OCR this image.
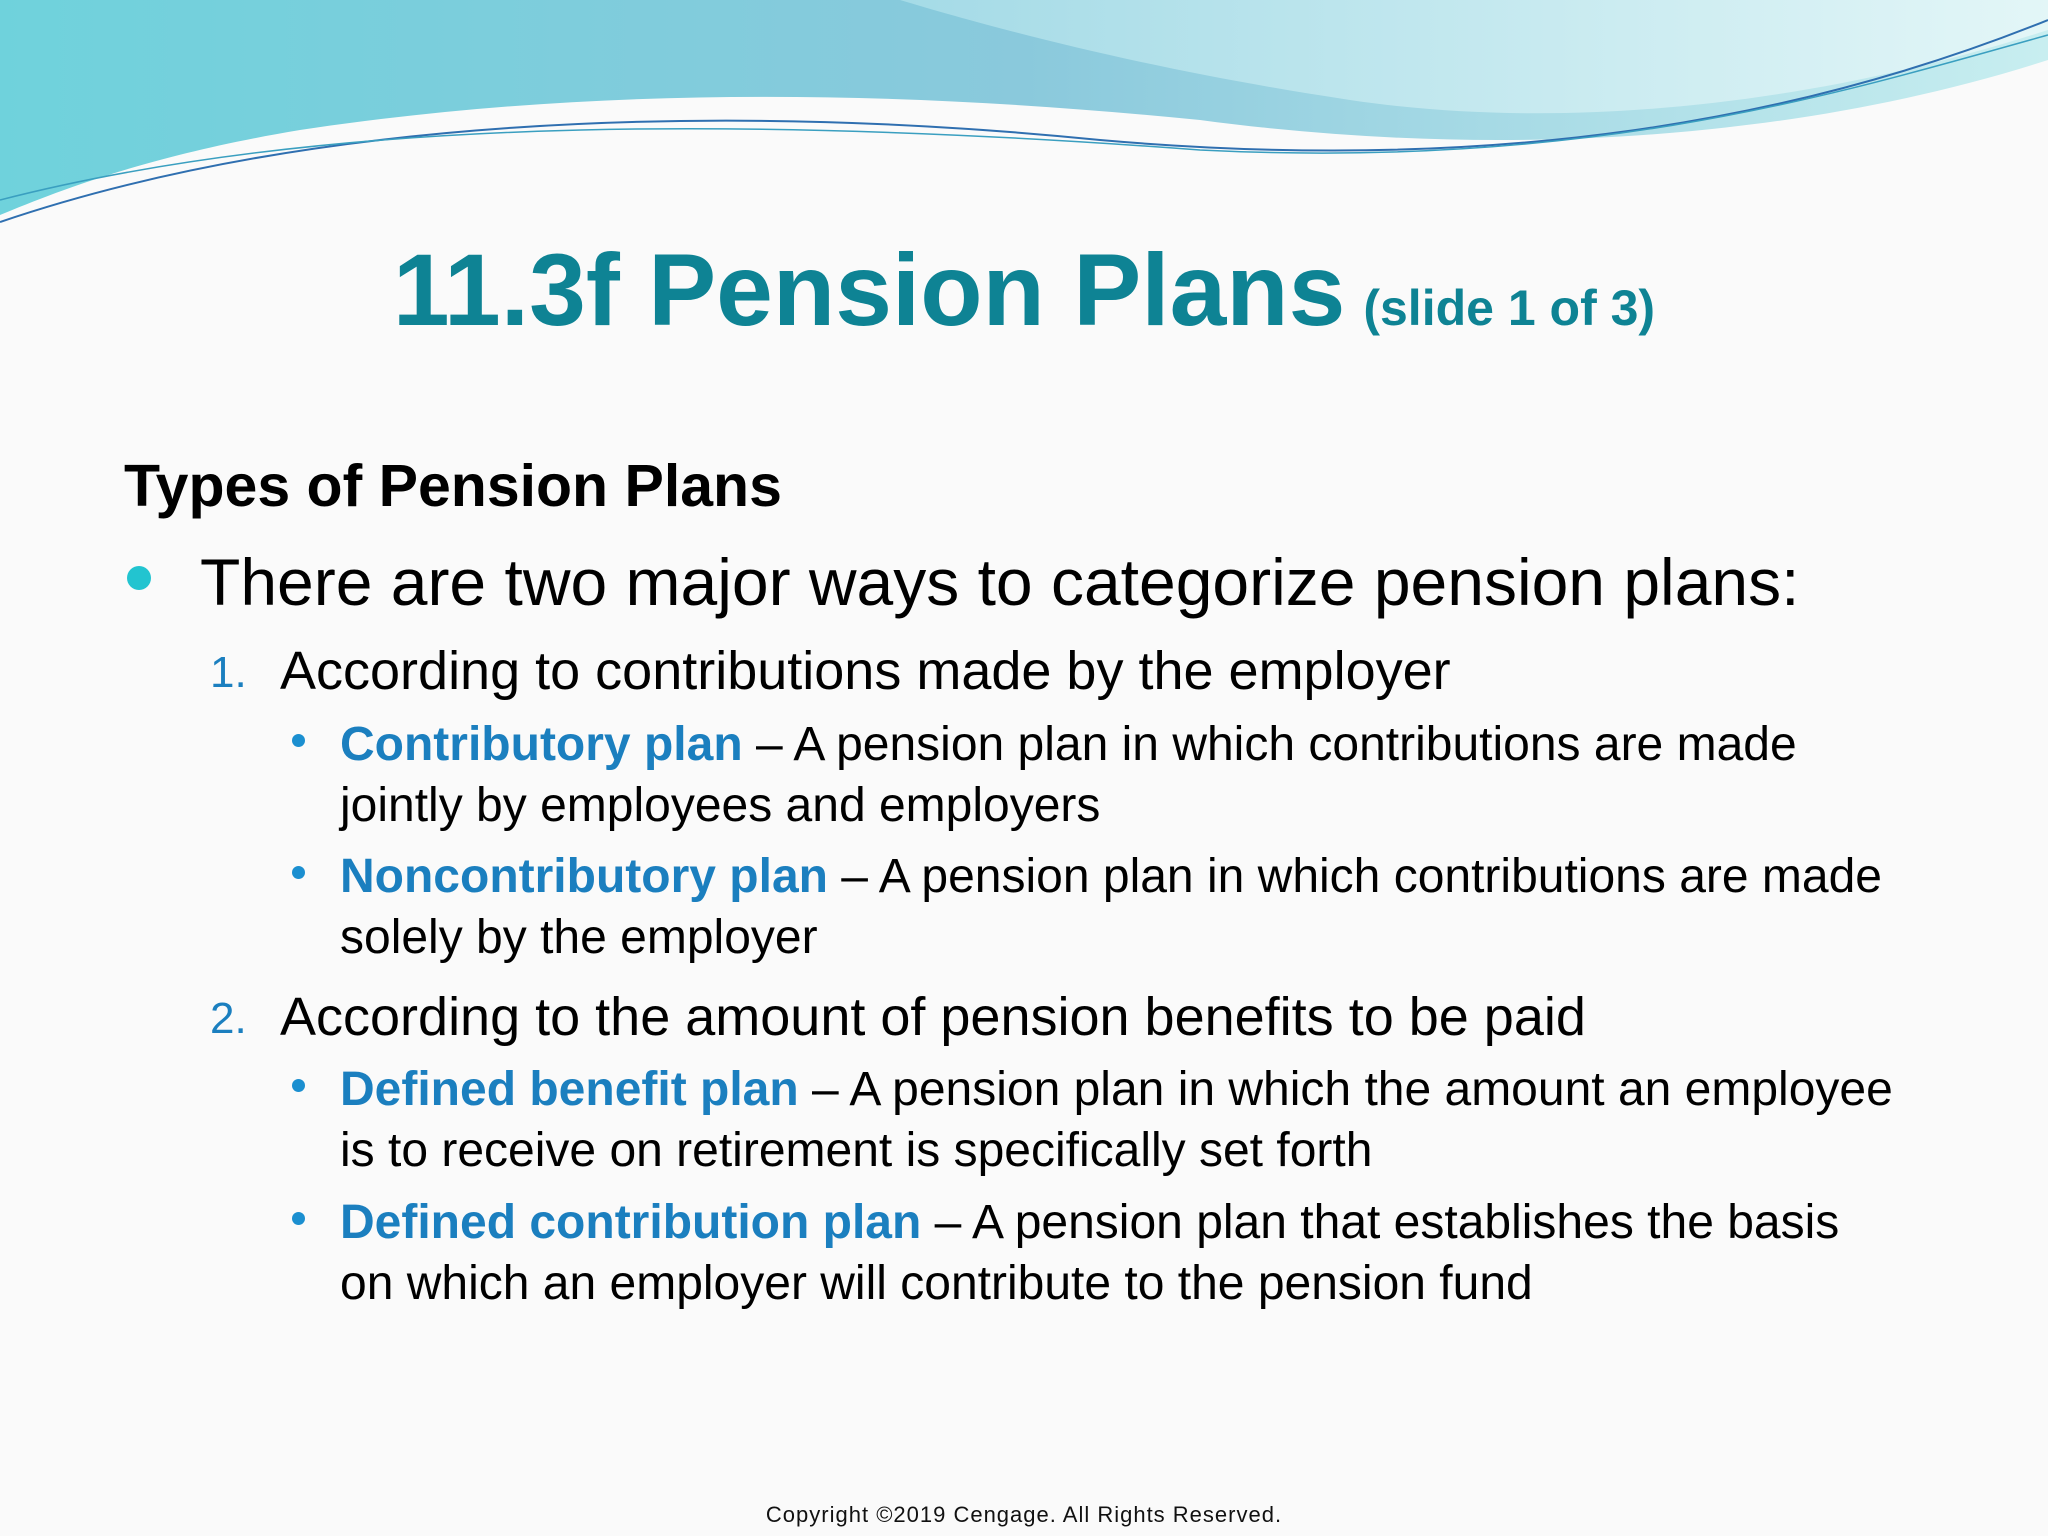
11.3f Pension Plans (slide 1 of 3)
Types of Pension Plans
There are two major ways to categorize pension plans:
1. According to contributions made by the employer
Contributory plan – A pension plan in which contributions are made jointly by employees and employers
Noncontributory plan – A pension plan in which contributions are made solely by the employer
2. According to the amount of pension benefits to be paid
Defined benefit plan – A pension plan in which the amount an employee is to receive on retirement is specifically set forth
Defined contribution plan – A pension plan that establishes the basis on which an employer will contribute to the pension fund
Copyright ©2019 Cengage. All Rights Reserved.
